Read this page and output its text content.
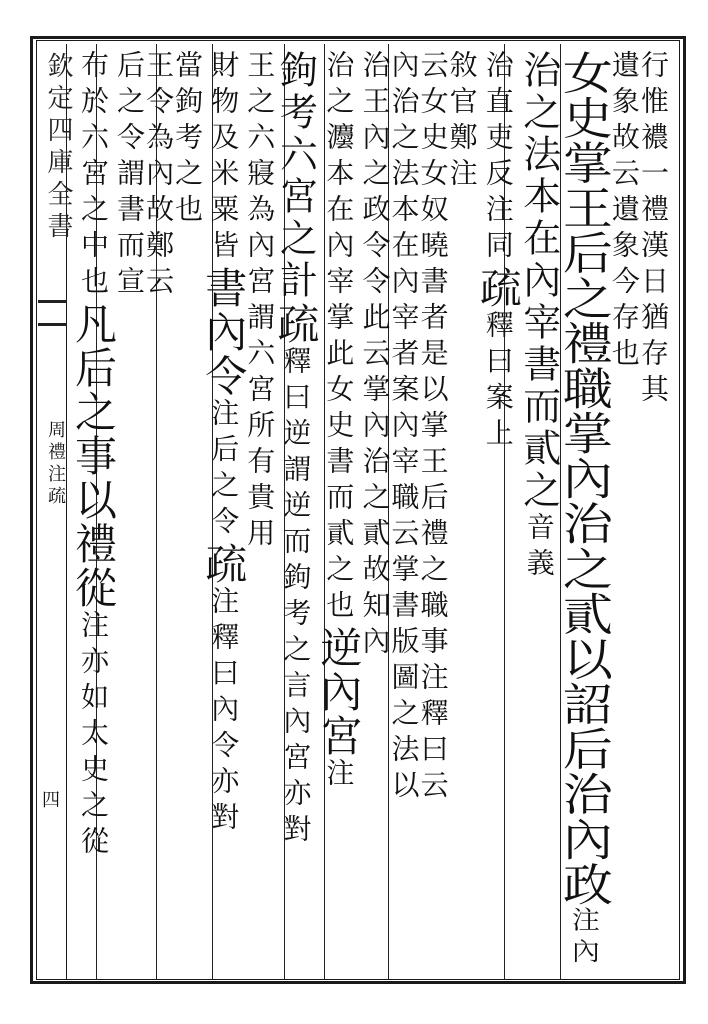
欽定四庫全書
周禮注疏
四
行惟襛一禮漢日猶存其
遺象故云遺象今存也
女史掌王后之禮職掌內治之貳以詔后治內政注內
治之法本在內宰書而貳之音義
治直吏反注同疏釋曰案上
敘官鄭注
云女史女奴曉書者是以掌王后禮之職事注釋曰云
內治之法本在內宰者案內宰職云掌書版圖之法以
治王內之政令令此云掌內治之貳故知內
治之灋本在內宰掌此女史書而貳之也逆內宮注
鉤考六宮之計疏釋曰逆謂逆而鉤考之言內宮亦對
王之六寢為內宮謂六宮所有貴用
財物及米粟皆書內令注后之令疏注釋曰內令亦對
當鉤考之也
王令為內故鄭云
后之令謂書而宣
布於六宮之中也凡后之事以禮從注亦如太史之從
